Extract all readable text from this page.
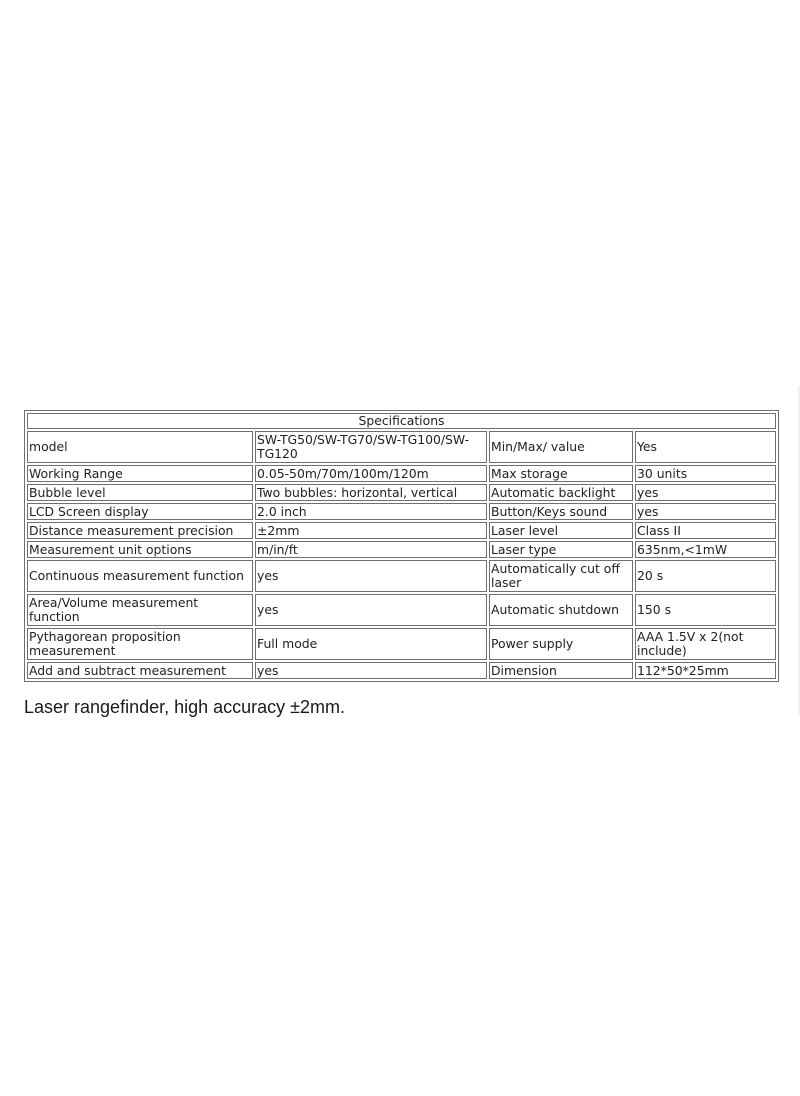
Specifications			
model	SW-TG50/SW-TG70/SW-TG100/SW-TG120	Min/Max/ value	Yes
Working Range	0.05-50m/70m/100m/120m	Max storage	30 units
Bubble level	Two bubbles: horizontal, vertical	Automatic backlight	yes
LCD Screen display	2.0 inch	Button/Keys sound	yes
Distance measurement precision	±2mm	Laser level	Class II
Measurement unit options	m/in/ft	Laser type	635nm,<1mW
Continuous measurement function	yes	Automatically cut off laser	20 s
Area/Volume measurement function	yes	Automatic shutdown	150 s
Pythagorean proposition measurement	Full mode	Power supply	AAA 1.5V x 2(not include)
Add and subtract measurement	yes	Dimension	112*50*25mm
Laser rangefinder, high accuracy ±2mm.
